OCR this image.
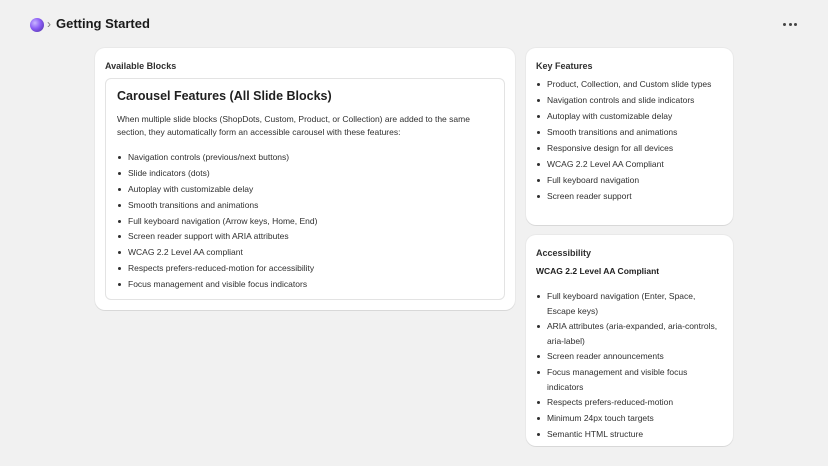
› Getting Started
Available Blocks
Carousel Features (All Slide Blocks)

When multiple slide blocks (ShopDots, Custom, Product, or Collection) are added to the same section, they automatically form an accessible carousel with these features:

Navigation controls (previous/next buttons)
Slide indicators (dots)
Autoplay with customizable delay
Smooth transitions and animations
Full keyboard navigation (Arrow keys, Home, End)
Screen reader support with ARIA attributes
WCAG 2.2 Level AA compliant
Respects prefers-reduced-motion for accessibility
Focus management and visible focus indicators
Key Features
Product, Collection, and Custom slide types
Navigation controls and slide indicators
Autoplay with customizable delay
Smooth transitions and animations
Responsive design for all devices
WCAG 2.2 Level AA Compliant
Full keyboard navigation
Screen reader support
Accessibility
WCAG 2.2 Level AA Compliant
Full keyboard navigation (Enter, Space, Escape keys)
ARIA attributes (aria-expanded, aria-controls, aria-label)
Screen reader announcements
Focus management and visible focus indicators
Respects prefers-reduced-motion
Minimum 24px touch targets
Semantic HTML structure
